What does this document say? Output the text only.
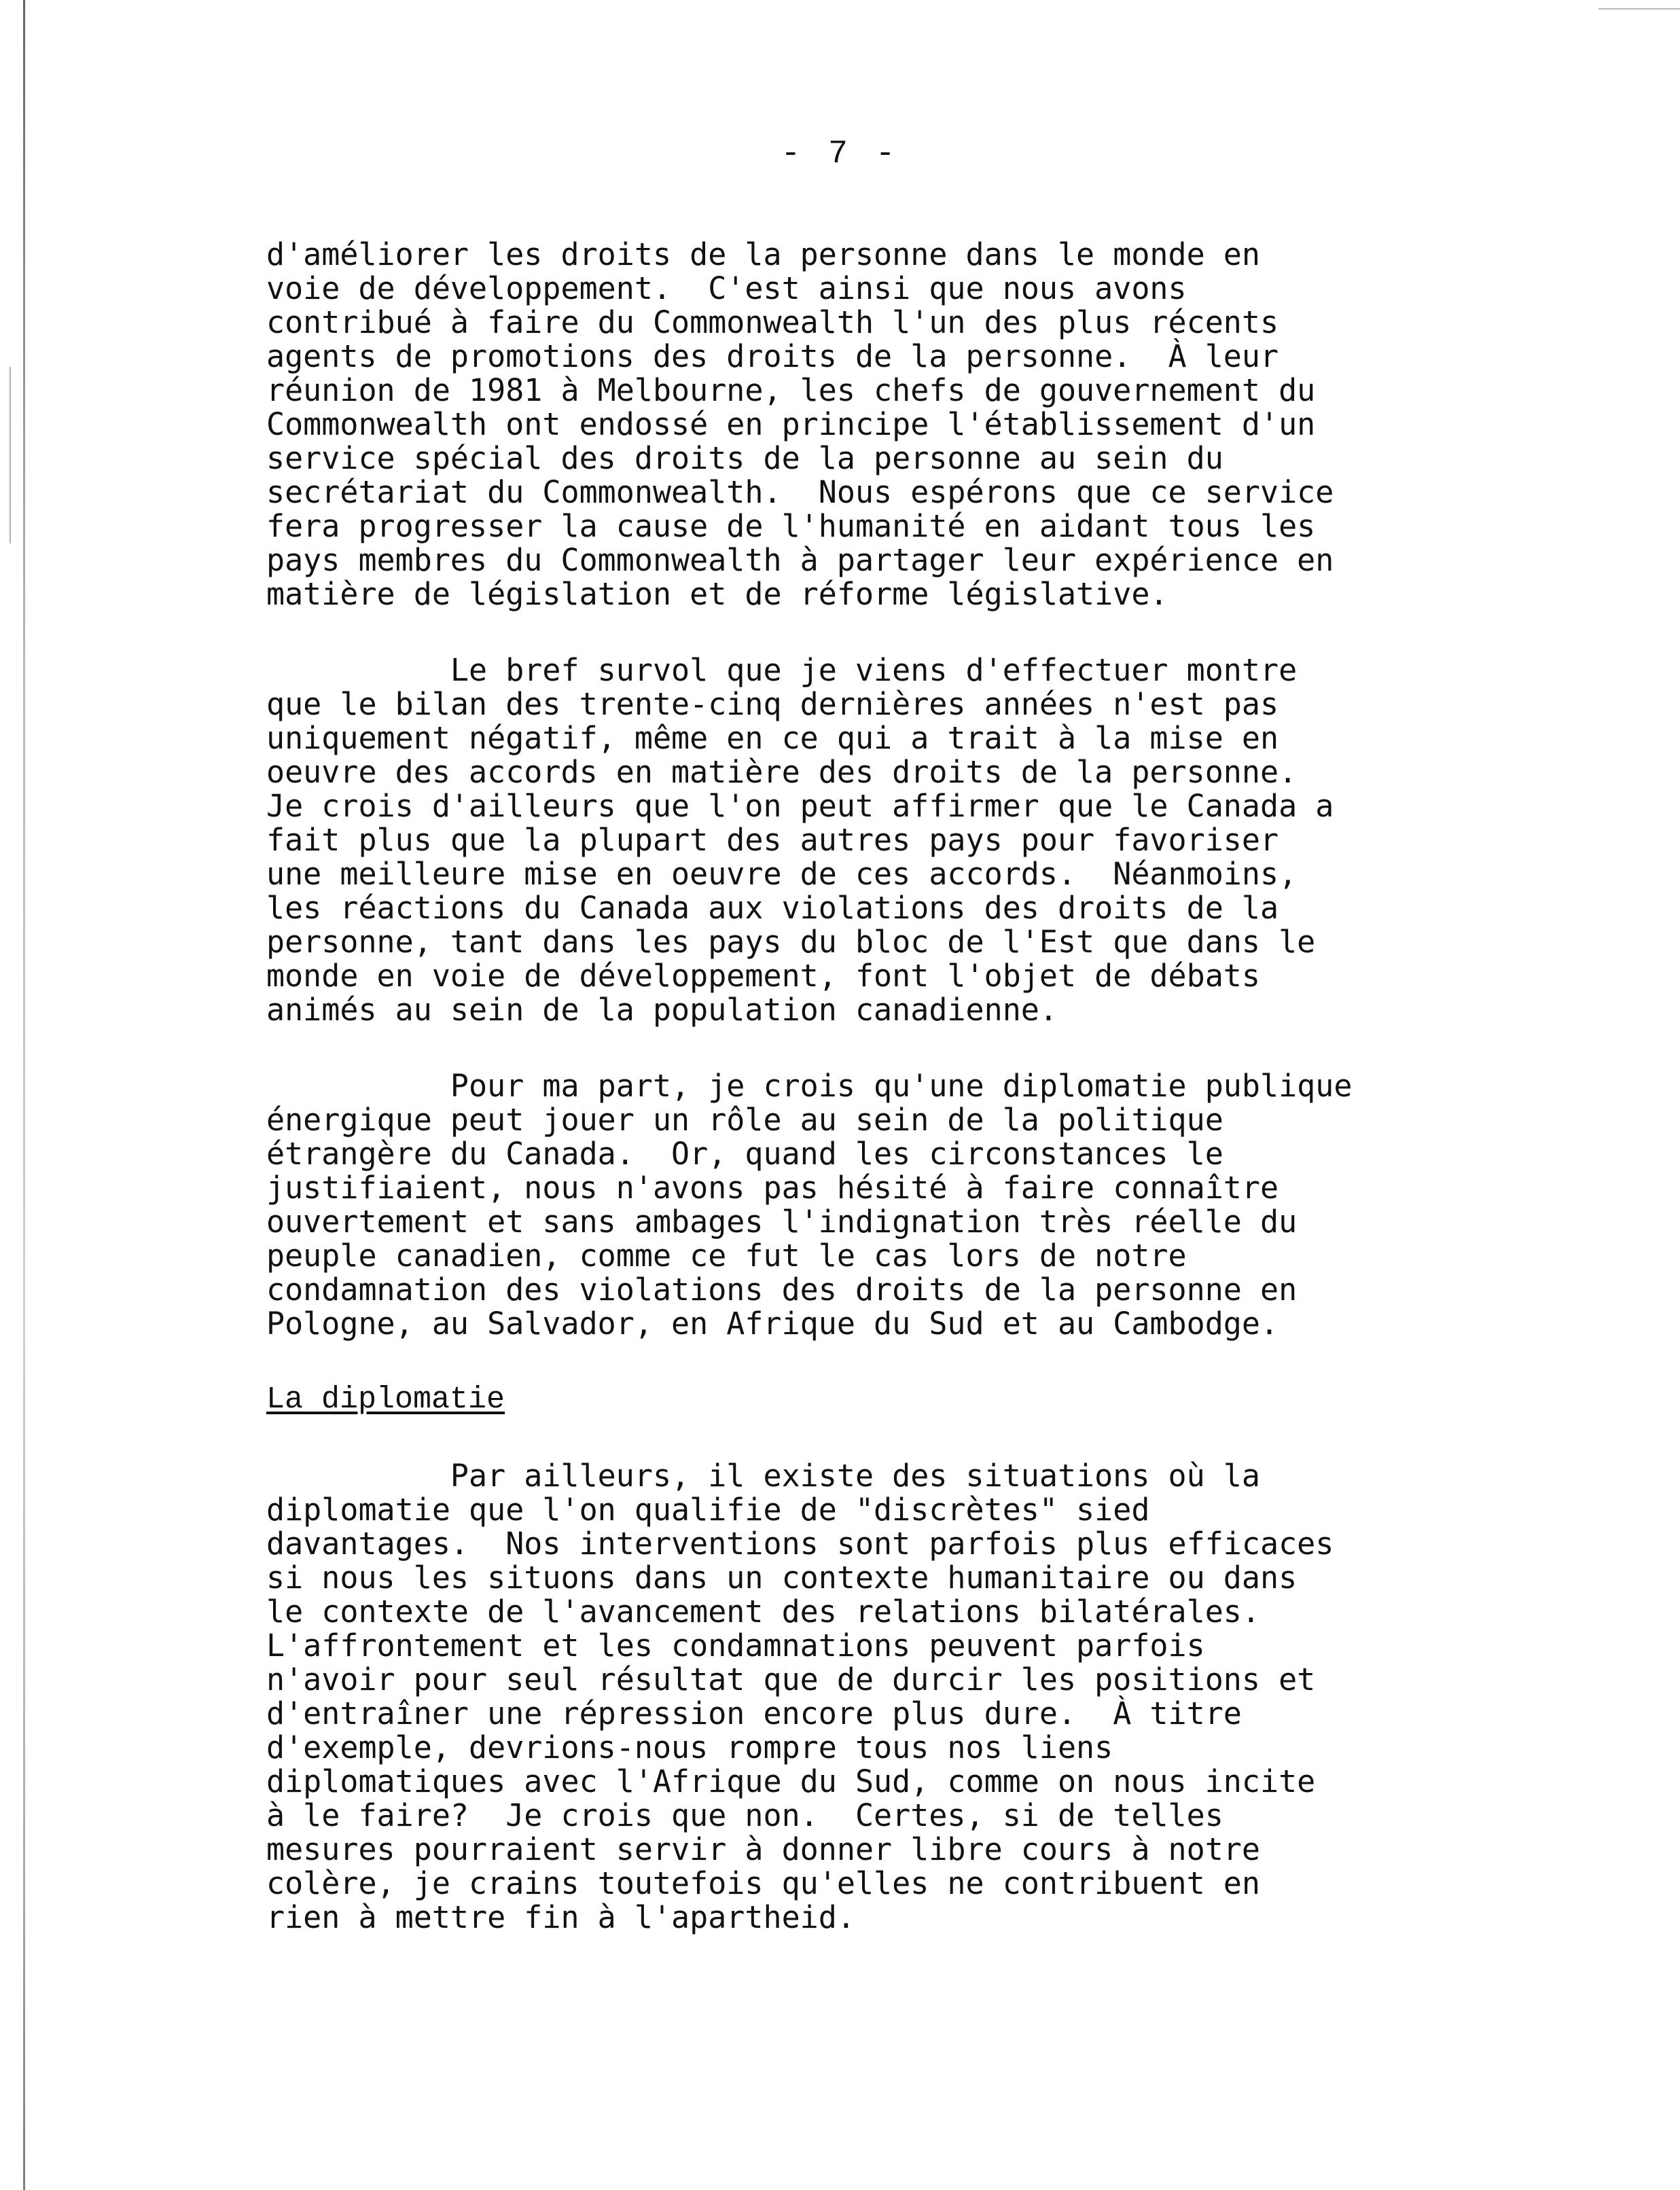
- 7 -
d'améliorer les droits de la personne dans le monde en
voie de développement.  C'est ainsi que nous avons
contribué à faire du Commonwealth l'un des plus récents
agents de promotions des droits de la personne.  À leur
réunion de 1981 à Melbourne, les chefs de gouvernement du
Commonwealth ont endossé en principe l'établissement d'un
service spécial des droits de la personne au sein du
secrétariat du Commonwealth.  Nous espérons que ce service
fera progresser la cause de l'humanité en aidant tous les
pays membres du Commonwealth à partager leur expérience en
matière de législation et de réforme législative.
Le bref survol que je viens d'effectuer montre
que le bilan des trente-cinq dernières années n'est pas
uniquement négatif, même en ce qui a trait à la mise en
oeuvre des accords en matière des droits de la personne.
Je crois d'ailleurs que l'on peut affirmer que le Canada a
fait plus que la plupart des autres pays pour favoriser
une meilleure mise en oeuvre de ces accords.  Néanmoins,
les réactions du Canada aux violations des droits de la
personne, tant dans les pays du bloc de l'Est que dans le
monde en voie de développement, font l'objet de débats
animés au sein de la population canadienne.
Pour ma part, je crois qu'une diplomatie publique
énergique peut jouer un rôle au sein de la politique
étrangère du Canada.  Or, quand les circonstances le
justifiaient, nous n'avons pas hésité à faire connaître
ouvertement et sans ambages l'indignation très réelle du
peuple canadien, comme ce fut le cas lors de notre
condamnation des violations des droits de la personne en
Pologne, au Salvador, en Afrique du Sud et au Cambodge.
La diplomatie
Par ailleurs, il existe des situations où la
diplomatie que l'on qualifie de "discrètes" sied
davantages.  Nos interventions sont parfois plus efficaces
si nous les situons dans un contexte humanitaire ou dans
le contexte de l'avancement des relations bilatérales.
L'affrontement et les condamnations peuvent parfois
n'avoir pour seul résultat que de durcir les positions et
d'entraîner une répression encore plus dure.  À titre
d'exemple, devrions-nous rompre tous nos liens
diplomatiques avec l'Afrique du Sud, comme on nous incite
à le faire?  Je crois que non.  Certes, si de telles
mesures pourraient servir à donner libre cours à notre
colère, je crains toutefois qu'elles ne contribuent en
rien à mettre fin à l'apartheid.
